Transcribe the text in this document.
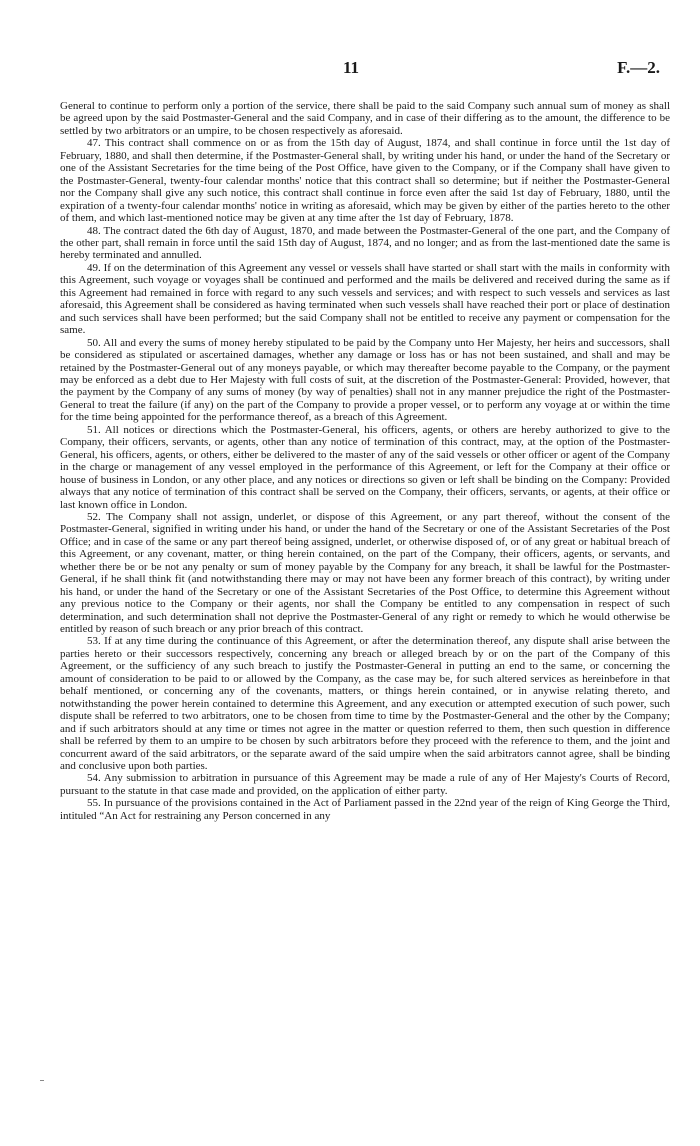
11	F.—2.

General to continue to perform only a portion of the service, there shall be paid to the said Company such annual sum of money as shall be agreed upon by the said Postmaster-General and the said Company, and in case of their differing as to the amount, the difference to be settled by two arbitrators or an umpire, to be chosen respectively as aforesaid.

47. This contract shall commence on or as from the 15th day of August, 1874, and shall continue in force until the 1st day of February, 1880, and shall then determine, if the Postmaster-General shall, by writing under his hand, or under the hand of the Secretary or one of the Assistant Secretaries for the time being of the Post Office, have given to the Company, or if the Company shall have given to the Postmaster-General, twenty-four calendar months' notice that this contract shall so determine; but if neither the Postmaster-General nor the Company shall give any such notice, this contract shall continue in force even after the said 1st day of February, 1880, until the expiration of a twenty-four calendar months' notice in writing as aforesaid, which may be given by either of the parties hereto to the other of them, and which last-mentioned notice may be given at any time after the 1st day of February, 1878.

48. The contract dated the 6th day of August, 1870, and made between the Postmaster-General of the one part, and the Company of the other part, shall remain in force until the said 15th day of August, 1874, and no longer; and as from the last-mentioned date the same is hereby terminated and annulled.

49. If on the determination of this Agreement any vessel or vessels shall have started or shall start with the mails in conformity with this Agreement, such voyage or voyages shall be continued and performed and the mails be delivered and received during the same as if this Agreement had remained in force with regard to any such vessels and services; and with respect to such vessels and services as last aforesaid, this Agreement shall be considered as having terminated when such vessels shall have reached their port or place of destination and such services shall have been performed; but the said Company shall not be entitled to receive any payment or compensation for the same.

50. All and every the sums of money hereby stipulated to be paid by the Company unto Her Majesty, her heirs and successors, shall be considered as stipulated or ascertained damages, whether any damage or loss has or has not been sustained, and shall and may be retained by the Postmaster-General out of any moneys payable, or which may thereafter become payable to the Company, or the payment may be enforced as a debt due to Her Majesty with full costs of suit, at the discretion of the Postmaster-General: Provided, however, that the payment by the Company of any sums of money (by way of penalties) shall not in any manner prejudice the right of the Postmaster-General to treat the failure (if any) on the part of the Company to provide a proper vessel, or to perform any voyage at or within the time for the time being appointed for the performance thereof, as a breach of this Agreement.

51. All notices or directions which the Postmaster-General, his officers, agents, or others are hereby authorized to give to the Company, their officers, servants, or agents, other than any notice of termination of this contract, may, at the option of the Postmaster-General, his officers, agents, or others, either be delivered to the master of any of the said vessels or other officer or agent of the Company in the charge or management of any vessel employed in the performance of this Agreement, or left for the Company at their office or house of business in London, or any other place, and any notices or directions so given or left shall be binding on the Company: Provided always that any notice of termination of this contract shall be served on the Company, their officers, servants, or agents, at their office or last known office in London.

52. The Company shall not assign, underlet, or dispose of this Agreement, or any part thereof, without the consent of the Postmaster-General, signified in writing under his hand, or under the hand of the Secretary or one of the Assistant Secretaries of the Post Office; and in case of the same or any part thereof being assigned, underlet, or otherwise disposed of, or of any great or habitual breach of this Agreement, or any covenant, matter, or thing herein contained, on the part of the Company, their officers, agents, or servants, and whether there be or be not any penalty or sum of money payable by the Company for any breach, it shall be lawful for the Postmaster-General, if he shall think fit (and notwithstanding there may or may not have been any former breach of this contract), by writing under his hand, or under the hand of the Secretary or one of the Assistant Secretaries of the Post Office, to determine this Agreement without any previous notice to the Company or their agents, nor shall the Company be entitled to any compensation in respect of such determination, and such determination shall not deprive the Postmaster-General of any right or remedy to which he would otherwise be entitled by reason of such breach or any prior breach of this contract.

53. If at any time during the continuance of this Agreement, or after the determination thereof, any dispute shall arise between the parties hereto or their successors respectively, concerning any breach or alleged breach by or on the part of the Company of this Agreement, or the sufficiency of any such breach to justify the Postmaster-General in putting an end to the same, or concerning the amount of consideration to be paid to or allowed by the Company, as the case may be, for such altered services as hereinbefore in that behalf mentioned, or concerning any of the covenants, matters, or things herein contained, or in anywise relating thereto, and notwithstanding the power herein contained to determine this Agreement, and any execution or attempted execution of such power, such dispute shall be referred to two arbitrators, one to be chosen from time to time by the Postmaster-General and the other by the Company; and if such arbitrators should at any time or times not agree in the matter or question referred to them, then such question in difference shall be referred by them to an umpire to be chosen by such arbitrators before they proceed with the reference to them, and the joint and concurrent award of the said arbitrators, or the separate award of the said umpire when the said arbitrators cannot agree, shall be binding and conclusive upon both parties.

54. Any submission to arbitration in pursuance of this Agreement may be made a rule of any of Her Majesty's Courts of Record, pursuant to the statute in that case made and provided, on the application of either party.

55. In pursuance of the provisions contained in the Act of Parliament passed in the 22nd year of the reign of King George the Third, intituled “An Act for restraining any Person concerned in any
